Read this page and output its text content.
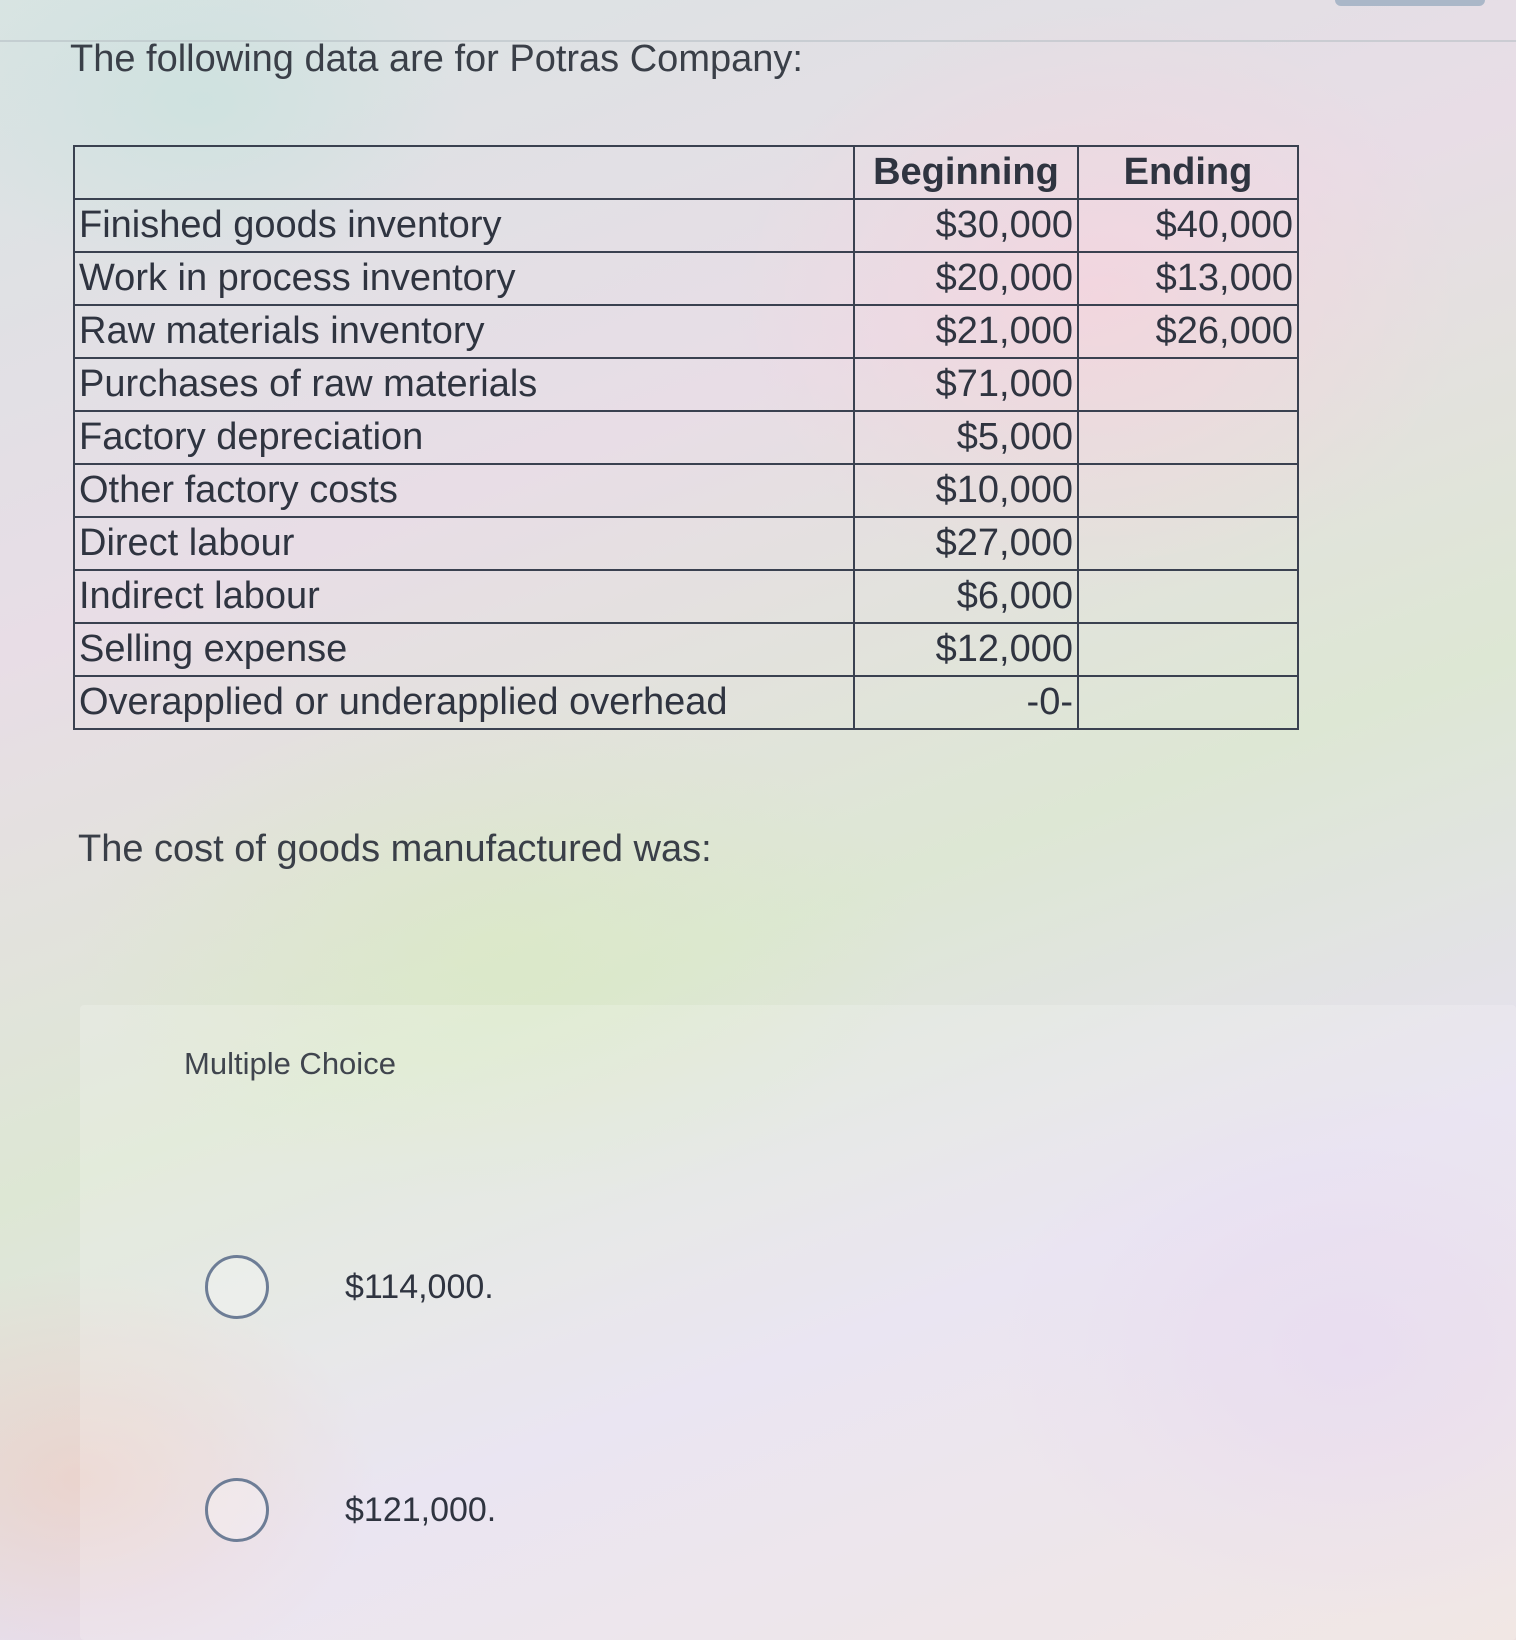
The following data are for Potras Company:
	Beginning	Ending
Finished goods inventory	$30,000	$40,000
Work in process inventory	$20,000	$13,000
Raw materials inventory	$21,000	$26,000
Purchases of raw materials	$71,000	
Factory depreciation	$5,000	
Other factory costs	$10,000	
Direct labour	$27,000	
Indirect labour	$6,000	
Selling expense	$12,000	
Overapplied or underapplied overhead	-0-	
The cost of goods manufactured was:
Multiple Choice
$114,000.
$121,000.
